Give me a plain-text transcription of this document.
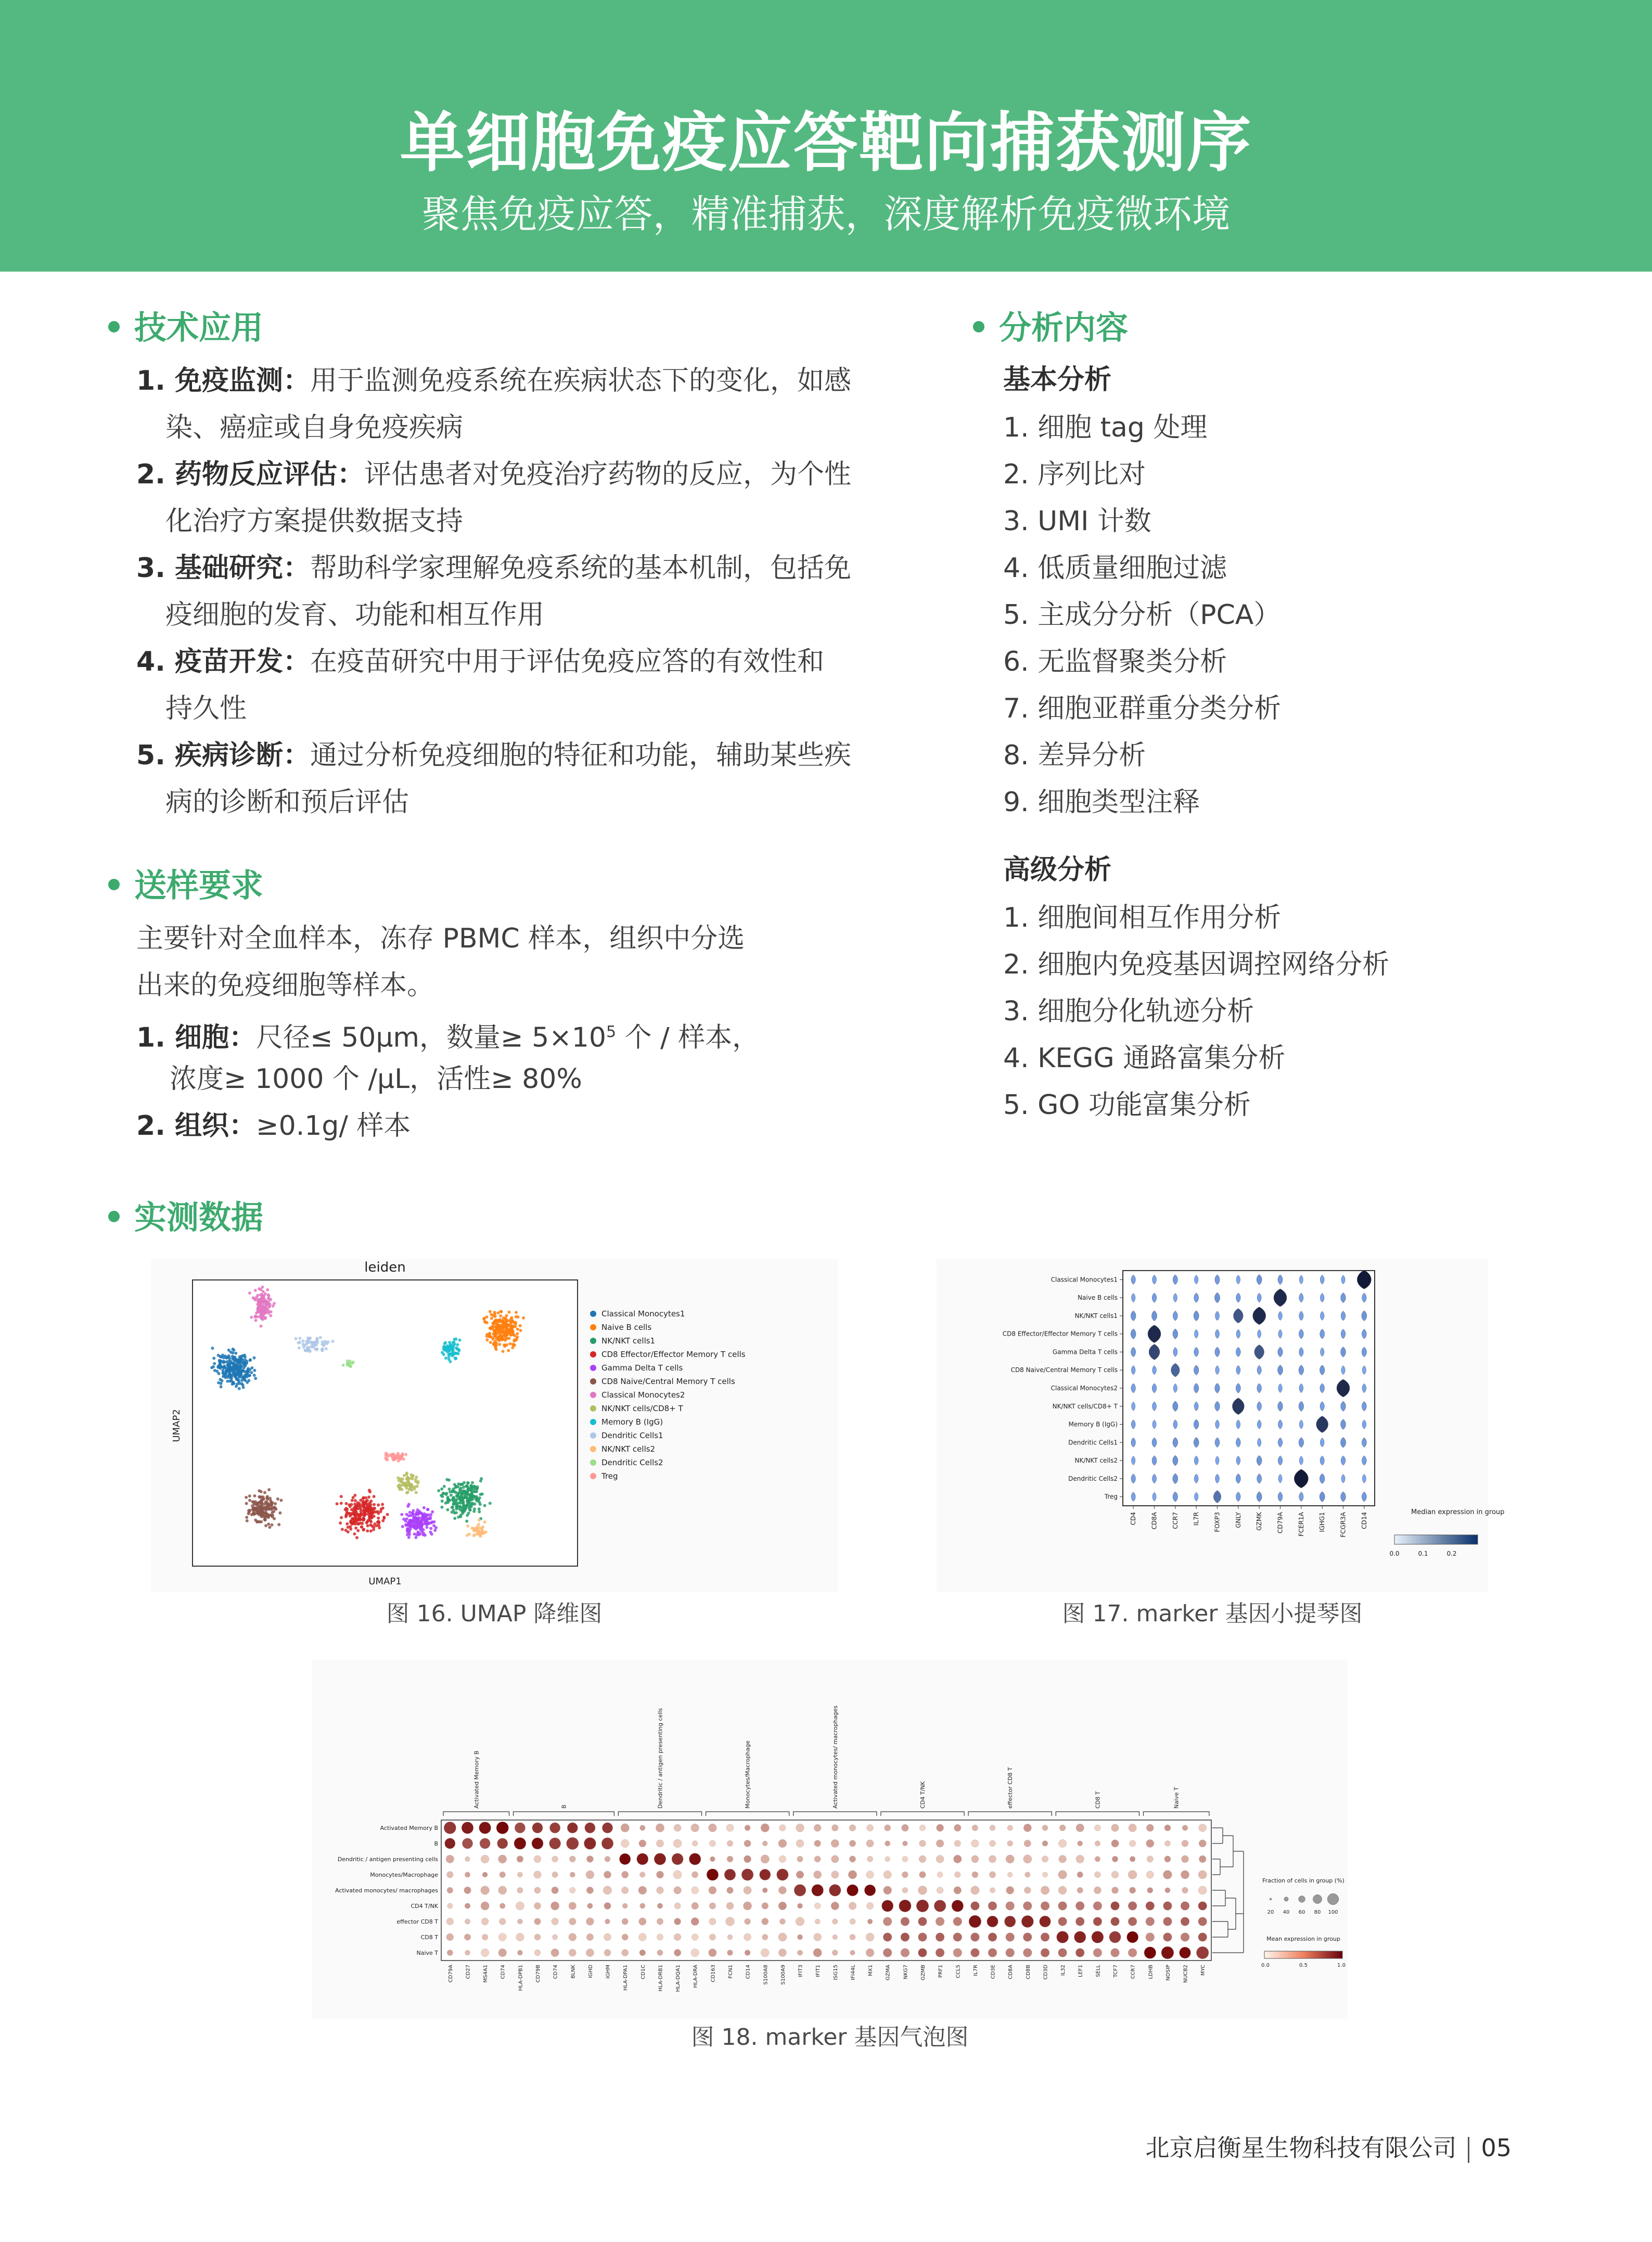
单细胞免疫应答靶向捕获测序
聚焦免疫应答，精准捕获，深度解析免疫微环境
技术应用
1. 免疫监测：用于监测免疫系统在疾病状态下的变化，如感
染、癌症或自身免疫疾病
2. 药物反应评估：评估患者对免疫治疗药物的反应，为个性
化治疗方案提供数据支持
3. 基础研究：帮助科学家理解免疫系统的基本机制，包括免
疫细胞的发育、功能和相互作用
4. 疫苗开发：在疫苗研究中用于评估免疫应答的有效性和
持久性
5. 疾病诊断：通过分析免疫细胞的特征和功能，辅助某些疾
病的诊断和预后评估
送样要求
主要针对全血样本，冻存 PBMC 样本，组织中分选
出来的免疫细胞等样本。
1. 细胞：尺径≤ 50μm，数量≥ $5\times 10^5$ 个 / 样本，
浓度≥ 1000 个 /μL，活性≥ 80%
2. 组织：≥0.1g/ 样本
分析内容
基本分析
1. 细胞 tag 处理
2. 序列比对
3. UMI 计数
4. 低质量细胞过滤
5. 主成分分析（PCA）
6. 无监督聚类分析
7. 细胞亚群重分类分析
8. 差异分析
9. 细胞类型注释
高级分析
1. 细胞间相互作用分析
2. 细胞内免疫基因调控网络分析
3. 细胞分化轨迹分析
4. KEGG 通路富集分析
5. GO 功能富集分析
实测数据
leiden
UMAP1
UMAP2
Classical Monocytes1
Naive B cells
NK/NKT cells1
CD8 Effector/Effector Memory T cells
Gamma Delta T cells
CD8 Naive/Central Memory T cells
Classical Monocytes2
NK/NKT cells/CD8+ T
Memory B (IgG)
Dendritic Cells1
NK/NKT cells2
Dendritic Cells2
Treg
图 16. UMAP 降维图
Classical Monocytes1
Naive B cells
NK/NKT cells1
CD8 Effector/Effector Memory T cells
Gamma Delta T cells
CD8 Naive/Central Memory T cells
Classical Monocytes2
NK/NKT cells/CD8+ T
Memory B (IgG)
Dendritic Cells1
NK/NKT cells2
Dendritic Cells2
Treg
CD4 CD8A CCR7 IL7R FOXP3 GNLY GZMK CD79A FCER1A IGHG1 FCGR3A CD14	Median expression in group
0.0	0.1	0.2
图 17. marker 基因小提琴图
Activated Memory B	B	Dendritic / antigen presenting cells	Monocytes/Macrophage	Activated monocytes/ macrophages	CD4 T/NK	effector CD8 T	CD8 T	Naive T
Activated Memory B
B
Dendritic / antigen presenting cells
Monocytes/Macrophage
Activated monocytes/ macrophages
CD4 T/NK
effector CD8 T
CD8 T
Naive T
CD79A CD27 MS4A1 CD74 HLA-DPB1 CD79B CD74 BLNK IGHD IGHM HLA-DPA1 CD1C HLA-DRB1 HLA-DQA1 HLA-DRA CD163 FCN1 CD14 S100A8 S100A9 IFIT3 IFIT1 ISG15 IFI44L MX1 GZMA NKG7 GZMB PRF1 CCL5 IL7R CD3E CD8A CD8B CD3D IL32 LEF1 SELL TCF7 CCR7 LDHB NOSIP NUCB2 MYC
Fraction of cells in group (%)
20 40 60 80 100
Mean expression in group
0.0	0.5	1.0
图 18. marker 基因气泡图
北京启衡星生物科技有限公司 05
